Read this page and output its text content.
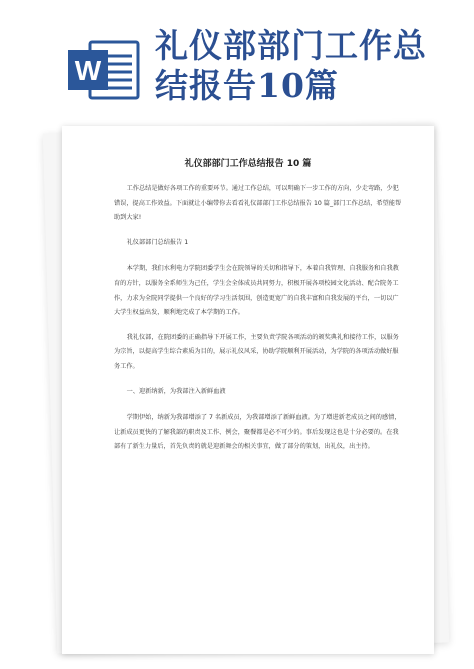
W
礼仪部部门工作总
结报告10篇
礼仪部部门工作总结报告 10 篇

工作总结是做好各项工作的重要环节。通过工作总结，可以明确下一步工作的方向，少走弯路，少犯错误，提高工作效益。下面就让小编带你去看看礼仪部部门工作总结报告 10 篇_部门工作总结，希望能帮助到大家!

礼仪部部门总结报告 1

本学期，我们水利电力学院团委学生会在院领导的关切和指导下，本着自我管理、自我服务和自我教育的方针，以服务全系师生为己任，学生会全体成员共同努力，积极开展各项校园文化活动、配合院务工作，力求为全院同学提供一个良好的学习生活氛围，创造更宽广的自我丰富和自我发展的平台，一切以广大学生权益出发，顺利地完成了本学期的工作。

我礼仪部，在院团委的正确指导下开展工作，主要负责学院各项活动的颁奖典礼和接待工作，以服务为宗旨，以提高学生综合素质为目的，展示礼仪风采，协助学院顺利开展活动，为学院的各项活动做好服务工作。

一、迎新纳新，为我部注入新鲜血液

学期伊始，纳新为我部增添了 7 名新成员，为我部增添了新鲜血液。为了增进新老成员之间的感情，让新成员更快的了解我部的职责及工作、例会，聚餐都是必不可少的。事后发现这也是十分必要的。在我部有了新生力量后，首先负责的就是迎新舞会的相关事宜，做了部分的策划，出礼仪，出主持。
